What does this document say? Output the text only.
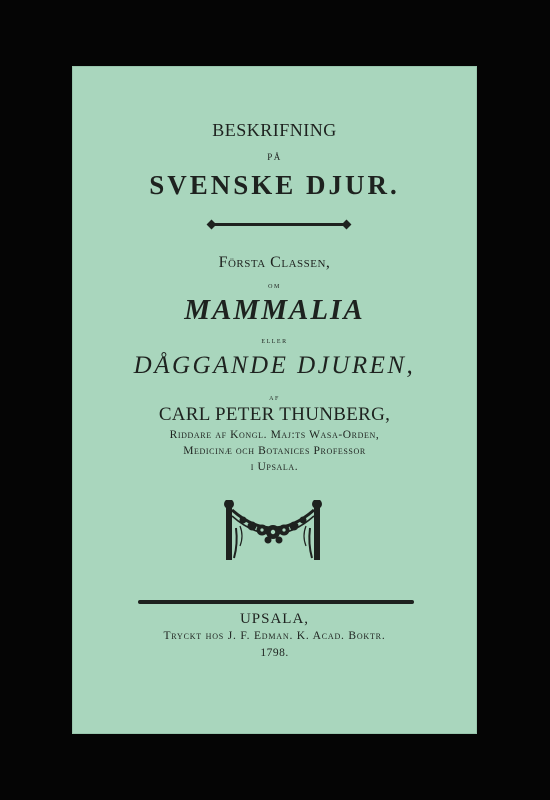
BESKRIFNING
PÅ
SVENSKE DJUR.
Första Classen,
om
MAMMALIA
eller
DÅGGANDE DJUREN,
af
CARL PETER THUNBERG,
Riddare af Kongl. Maj:ts Wasa-Orden,
Medicinæ och Botanices Professor
i Upsala.
UPSALA,
Tryckt hos J. F. Edman. K. Acad. Boktr.
1798.
